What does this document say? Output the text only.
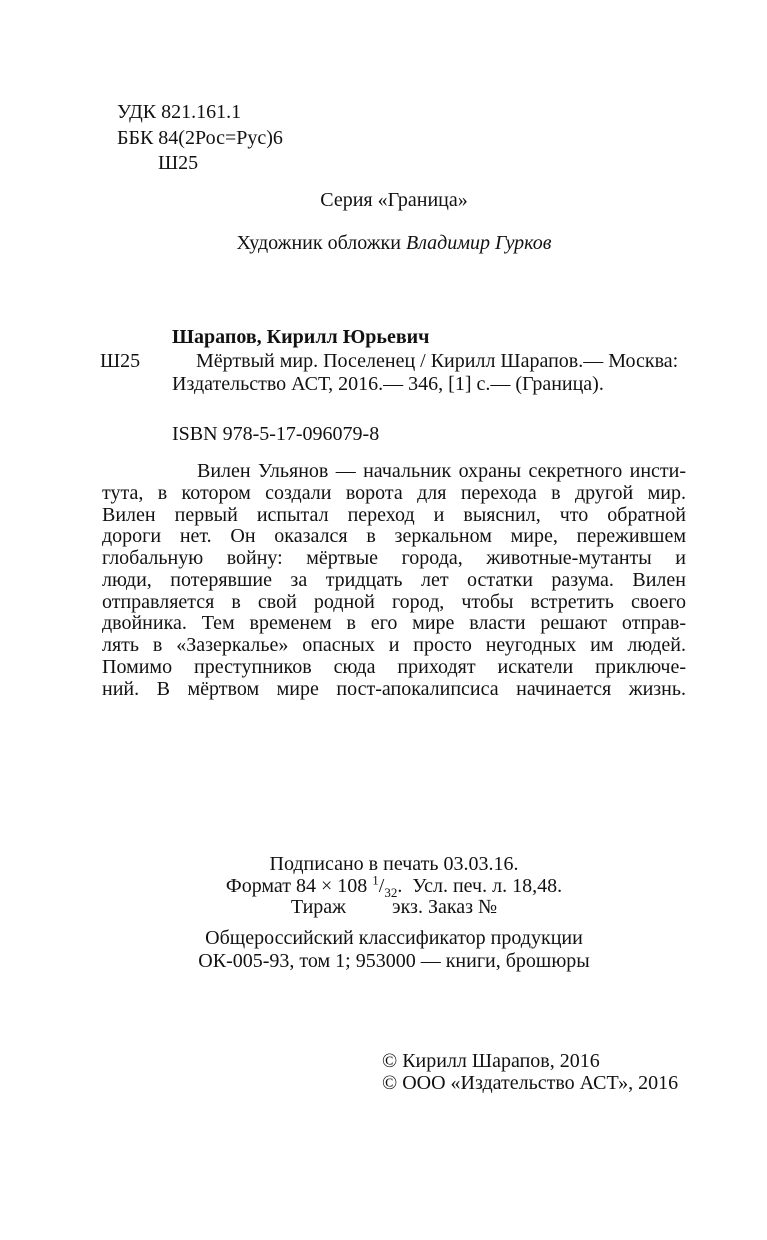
УДК 821.161.1
ББК 84(2Рос=Рус)6
Ш25
Серия «Граница»
Художник обложки Владимир Гурков
Ш25
Шарапов, Кирилл Юрьевич
Мёртвый мир. Поселенец / Кирилл Шарапов.— Москва:
Издательство АСТ, 2016.— 346, [1] с.— (Граница).
ISBN 978-5-17-096079-8
Вилен Ульянов — начальник охраны секретного инсти-
тута, в котором создали ворота для перехода в другой мир.
Вилен первый испытал переход и выяснил, что обратной
дороги нет. Он оказался в зеркальном мире, пережившем
глобальную войну: мёртвые города, животные-мутанты и
люди, потерявшие за тридцать лет остатки разума. Вилен
отправляется в свой родной город, чтобы встретить своего
двойника. Тем временем в его мире власти решают отправ-
лять в «Зазеркалье» опасных и просто неугодных им людей.
Помимо преступников сюда приходят искатели приключе-
ний. В мёртвом мире пост-апокалипсиса начинается жизнь.
Подписано в печать 03.03.16.
Формат 84 × 108 $^1/_{32}$.  Усл. печ. л. 18,48.
Тираж экз. Заказ №
Общероссийский классификатор продукции
ОК-005-93, том 1; 953000 — книги, брошюры
© Кирилл Шарапов, 2016
© ООО «Издательство АСТ», 2016
